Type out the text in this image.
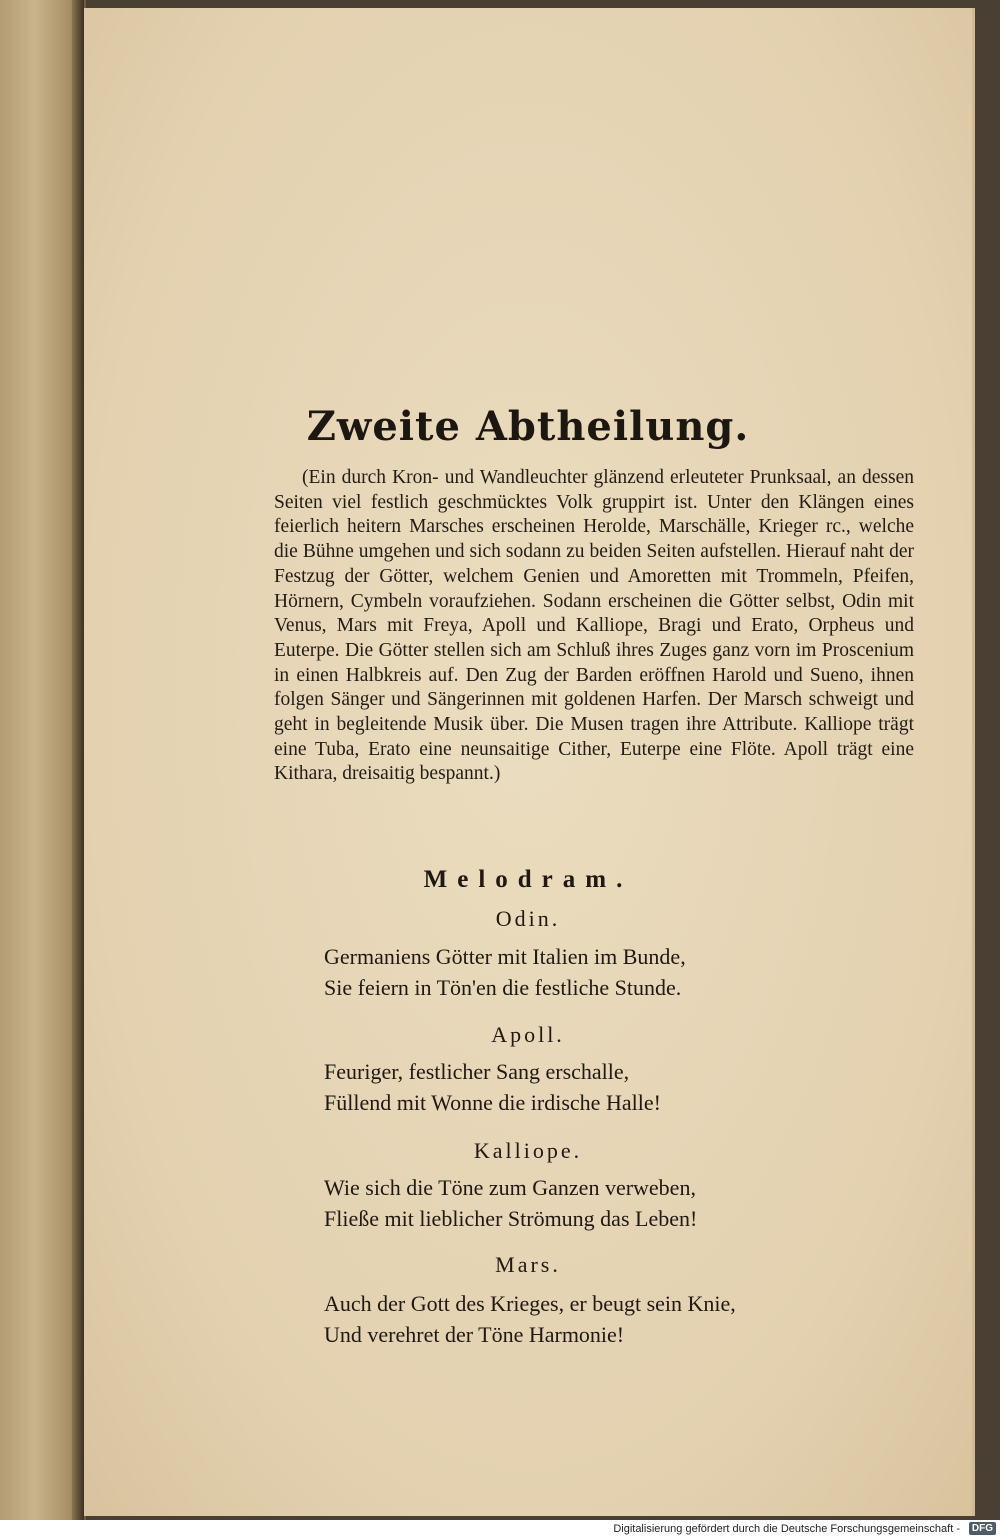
Zweite Abtheilung.

(Ein durch Kron- und Wandleuchter glänzend erleuteter Prunksaal, an dessen Seiten viel festlich geschmücktes Volk gruppirt ist. Unter den Klängen eines feierlich heitern Marsches erscheinen Herolde, Marschälle, Krieger rc., welche die Bühne umgehen und sich sodann zu beiden Seiten aufstellen. Hierauf naht der Festzug der Götter, welchem Genien und Amoretten mit Trommeln, Pfeifen, Hörnern, Cymbeln voraufziehen. Sodann erscheinen die Götter selbst, Odin mit Venus, Mars mit Freya, Apoll und Kalliope, Bragi und Erato, Orpheus und Euterpe. Die Götter stellen sich am Schluß ihres Zuges ganz vorn im Proscenium in einen Halbkreis auf. Den Zug der Barden eröffnen Harold und Sueno, ihnen folgen Sänger und Sängerinnen mit goldenen Harfen. Der Marsch schweigt und geht in begleitende Musik über. Die Musen tragen ihre Attribute. Kalliope trägt eine Tuba, Erato eine neunsaitige Cither, Euterpe eine Flöte. Apoll trägt eine Kithara, dreisaitig bespannt.)

Melodram.
Odin.
Germaniens Götter mit Italien im Bunde,
Sie feiern in Tön'en die festliche Stunde.
Apoll.
Feuriger, festlicher Sang erschalle,
Füllend mit Wonne die irdische Halle!
Kalliope.
Wie sich die Töne zum Ganzen verweben,
Fließe mit lieblicher Strömung das Leben!
Mars.
Auch der Gott des Krieges, er beugt sein Knie,
Und verehret der Töne Harmonie!
Digitalisierung gefördert durch die Deutsche Forschungsgemeinschaft -	DFG
